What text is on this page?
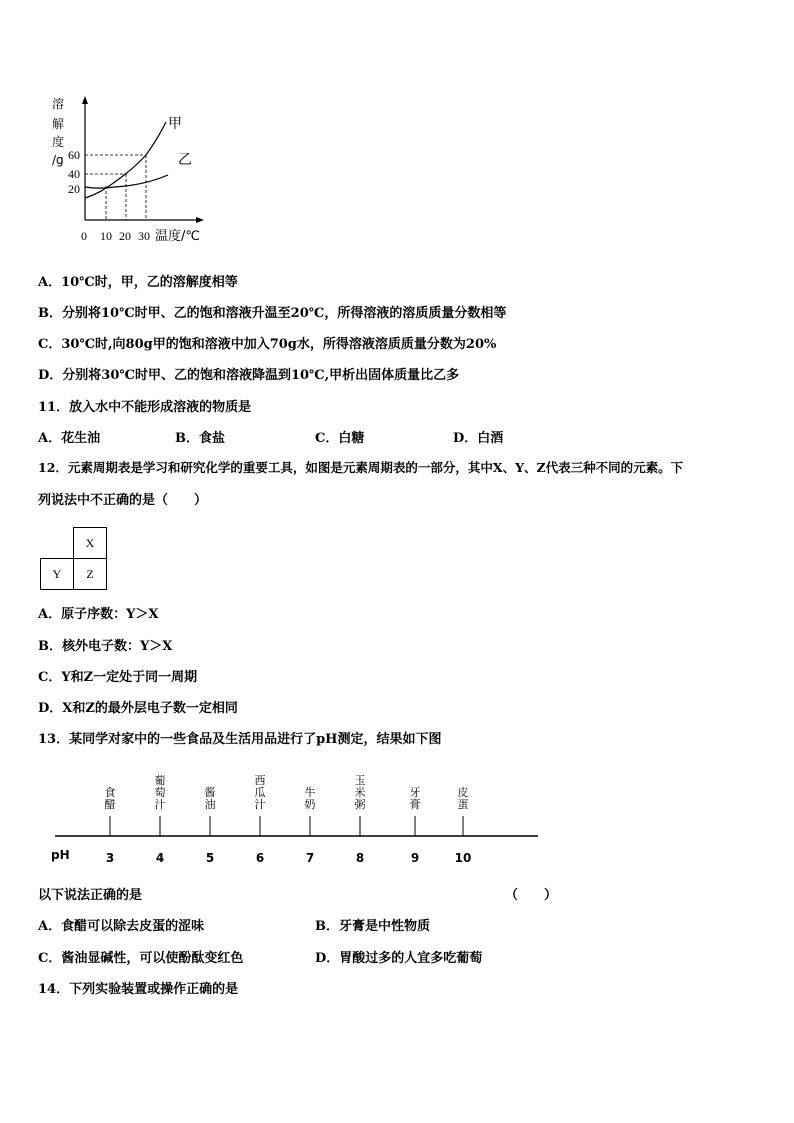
溶
解
度
/g 60
40
20
0 10 20 30 温度/℃
甲
乙
A．10℃时，甲，乙的溶解度相等
B．分别将10℃时甲、乙的饱和溶液升温至20℃，所得溶液的溶质质量分数相等
C．30℃时,向80g甲的饱和溶液中加入70g水，所得溶液溶质质量分数为20%
D．分别将30℃时甲、乙的饱和溶液降温到10℃,甲析出固体质量比乙多
11．放入水中不能形成溶液的物质是
A．花生油	B．食盐	C．白糖	D．白酒
12．元素周期表是学习和研究化学的重要工具，如图是元素周期表的一部分，其中X、Y、Z代表三种不同的元素。下
列说法中不正确的是（　　）
	X
Y	Z
A．原子序数：Y＞X
B．核外电子数：Y＞X
C．Y和Z一定处于同一周期
D．X和Z的最外层电子数一定相同
13．某同学对家中的一些食品及生活用品进行了pH测定，结果如下图
pH	3
食
醋
4
葡
萄
汁
5
酱
油
6
西
瓜
汁
7
牛
奶
8
玉
米
粥
9
牙
膏
10
皮
蛋
以下说法正确的是	（　　）
A．食醋可以除去皮蛋的涩味	B．牙膏是中性物质
C．酱油显碱性，可以使酚酞变红色	D．胃酸过多的人宜多吃葡萄
14．下列实验装置或操作正确的是
